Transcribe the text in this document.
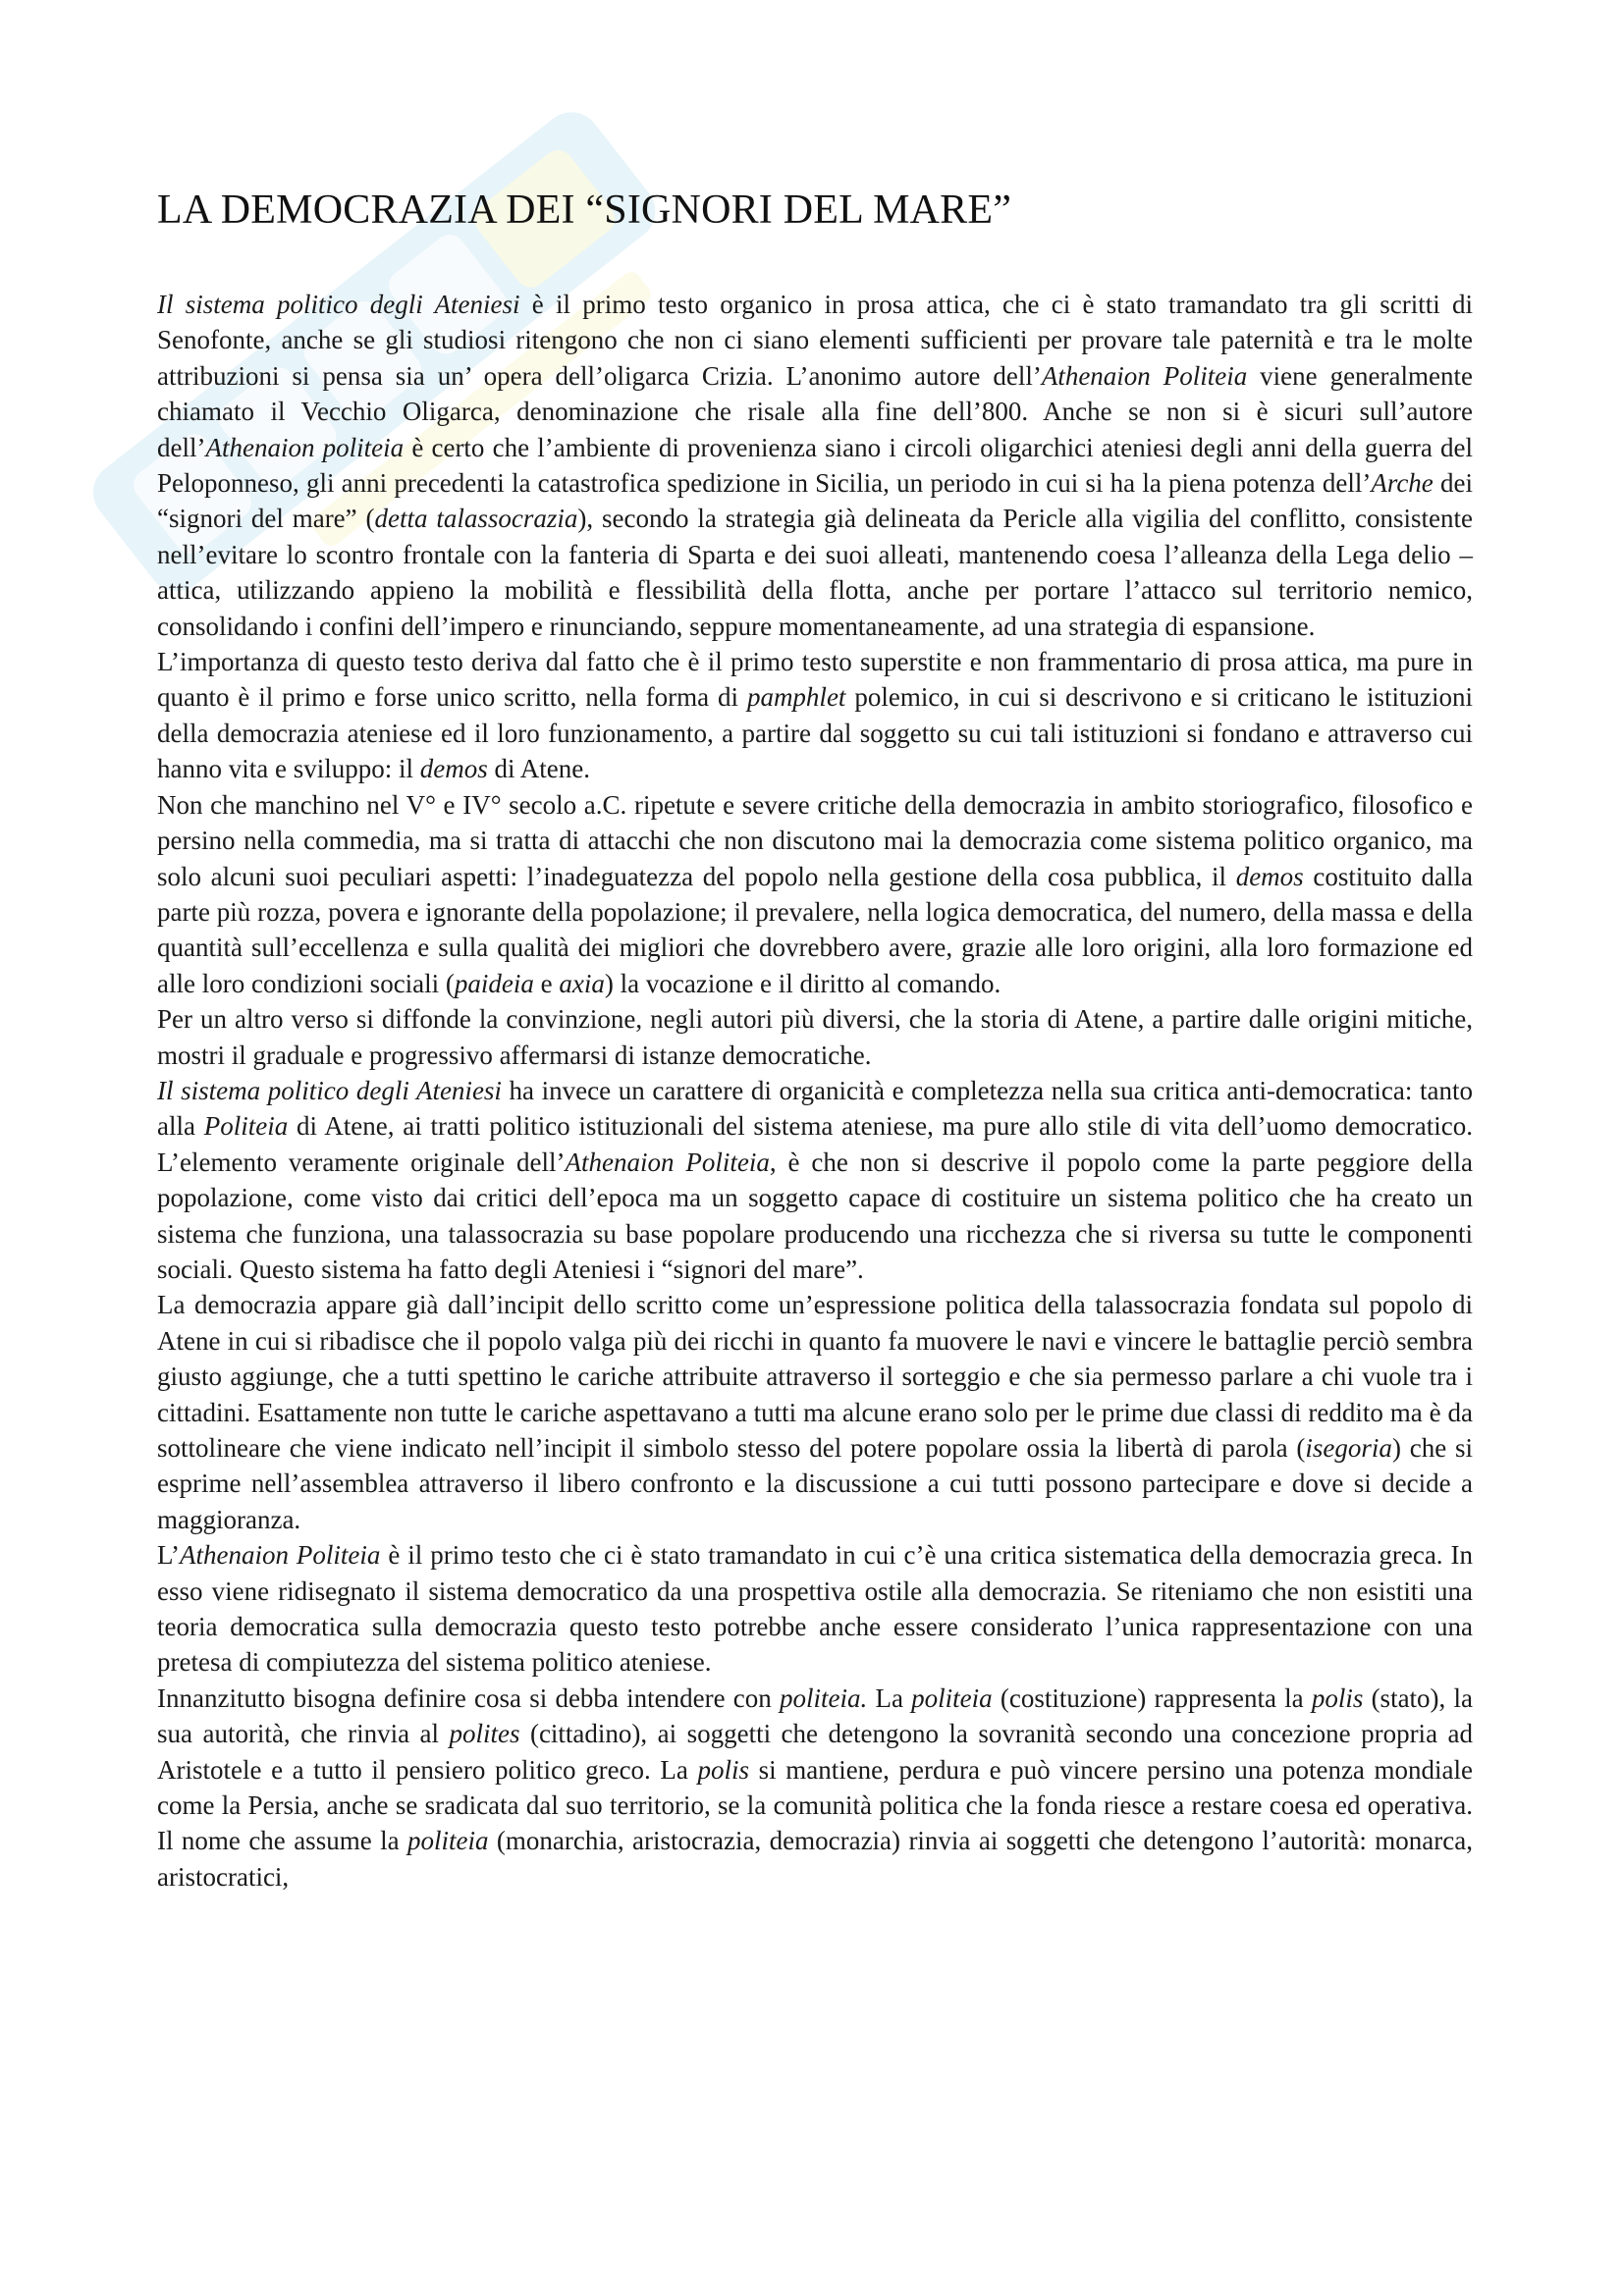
LA DEMOCRAZIA DEI “SIGNORI DEL MARE”

Il sistema politico degli Ateniesi è il primo testo organico in prosa attica, che ci è stato tramandato tra gli scritti di Senofonte, anche se gli studiosi ritengono che non ci siano elementi sufficienti per provare tale paternità e tra le molte attribuzioni si pensa sia un’ opera dell’oligarca Crizia. L’anonimo autore dell’Athenaion Politeia viene generalmente chiamato il Vecchio Oligarca, denominazione che risale alla fine dell’800. Anche se non si è sicuri sull’autore dell’Athenaion politeia è certo che l’ambiente di provenienza siano i circoli oligarchici ateniesi degli anni della guerra del Peloponneso, gli anni precedenti la catastrofica spedizione in Sicilia, un periodo in cui si ha la piena potenza dell’Arche dei “signori del mare” (detta talassocrazia), secondo la strategia già delineata da Pericle alla vigilia del conflitto, consistente nell’evitare lo scontro frontale con la fanteria di Sparta e dei suoi alleati, mantenendo coesa l’alleanza della Lega delio – attica, utilizzando appieno la mobilità e flessibilità della flotta, anche per portare l’attacco sul territorio nemico, consolidando i confini dell’impero e rinunciando, seppure momentaneamente, ad una strategia di espansione.

L’importanza di questo testo deriva dal fatto che è il primo testo superstite e non frammentario di prosa attica, ma pure in quanto è il primo e forse unico scritto, nella forma di pamphlet polemico, in cui si descrivono e si criticano le istituzioni della democrazia ateniese ed il loro funzionamento, a partire dal soggetto su cui tali istituzioni si fondano e attraverso cui hanno vita e sviluppo: il demos di Atene.

Non che manchino nel V° e IV° secolo a.C. ripetute e severe critiche della democrazia in ambito storiografico, filosofico e persino nella commedia, ma si tratta di attacchi che non discutono mai la democrazia come sistema politico organico, ma solo alcuni suoi peculiari aspetti: l’inadeguatezza del popolo nella gestione della cosa pubblica, il demos costituito dalla parte più rozza, povera e ignorante della popolazione; il prevalere, nella logica democratica, del numero, della massa e della quantità sull’eccellenza e sulla qualità dei migliori che dovrebbero avere, grazie alle loro origini, alla loro formazione ed alle loro condizioni sociali (paideia e axia) la vocazione e il diritto al comando.

Per un altro verso si diffonde la convinzione, negli autori più diversi, che la storia di Atene, a partire dalle origini mitiche, mostri il graduale e progressivo affermarsi di istanze democratiche.

Il sistema politico degli Ateniesi ha invece un carattere di organicità e completezza nella sua critica anti-democratica: tanto alla Politeia di Atene, ai tratti politico istituzionali del sistema ateniese, ma pure allo stile di vita dell’uomo democratico. L’elemento veramente originale dell’Athenaion Politeia, è che non si descrive il popolo come la parte peggiore della popolazione, come visto dai critici dell’epoca ma un soggetto capace di costituire un sistema politico che ha creato un sistema che funziona, una talassocrazia su base popolare producendo una ricchezza che si riversa su tutte le componenti sociali. Questo sistema ha fatto degli Ateniesi i “signori del mare”.

La democrazia appare già dall’incipit dello scritto come un’espressione politica della talassocrazia fondata sul popolo di Atene in cui si ribadisce che il popolo valga più dei ricchi in quanto fa muovere le navi e vincere le battaglie perciò sembra giusto aggiunge, che a tutti spettino le cariche attribuite attraverso il sorteggio e che sia permesso parlare a chi vuole tra i cittadini. Esattamente non tutte le cariche aspettavano a tutti ma alcune erano solo per le prime due classi di reddito ma è da sottolineare che viene indicato nell’incipit il simbolo stesso del potere popolare ossia la libertà di parola (isegoria) che si esprime nell’assemblea attraverso il libero confronto e la discussione a cui tutti possono partecipare e dove si decide a maggioranza.

L’Athenaion Politeia è il primo testo che ci è stato tramandato in cui c’è una critica sistematica della democrazia greca. In esso viene ridisegnato il sistema democratico da una prospettiva ostile alla democrazia. Se riteniamo che non esistiti una teoria democratica sulla democrazia questo testo potrebbe anche essere considerato l’unica rappresentazione con una pretesa di compiutezza del sistema politico ateniese.

Innanzitutto bisogna definire cosa si debba intendere con politeia. La politeia (costituzione) rappresenta la polis (stato), la sua autorità, che rinvia al polites (cittadino), ai soggetti che detengono la sovranità secondo una concezione propria ad Aristotele e a tutto il pensiero politico greco. La polis si mantiene, perdura e può vincere persino una potenza mondiale come la Persia, anche se sradicata dal suo territorio, se la comunità politica che la fonda riesce a restare coesa ed operativa. Il nome che assume la politeia (monarchia, aristocrazia, democrazia) rinvia ai soggetti che detengono l’autorità: monarca, aristocratici,
